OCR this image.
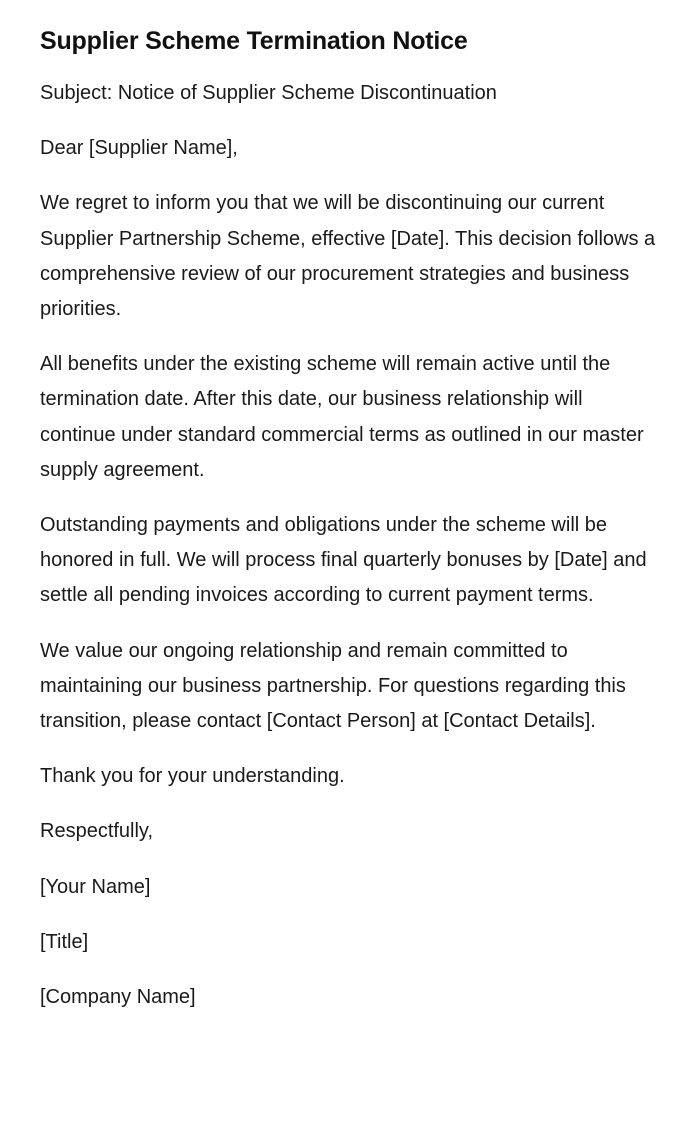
Supplier Scheme Termination Notice

Subject: Notice of Supplier Scheme Discontinuation

Dear [Supplier Name],

We regret to inform you that we will be discontinuing our current Supplier Partnership Scheme, effective [Date]. This decision follows a comprehensive review of our procurement strategies and business priorities.

All benefits under the existing scheme will remain active until the termination date. After this date, our business relationship will continue under standard commercial terms as outlined in our master supply agreement.

Outstanding payments and obligations under the scheme will be honored in full. We will process final quarterly bonuses by [Date] and settle all pending invoices according to current payment terms.

We value our ongoing relationship and remain committed to maintaining our business partnership. For questions regarding this transition, please contact [Contact Person] at [Contact Details].

Thank you for your understanding.

Respectfully,

[Your Name]

[Title]

[Company Name]
